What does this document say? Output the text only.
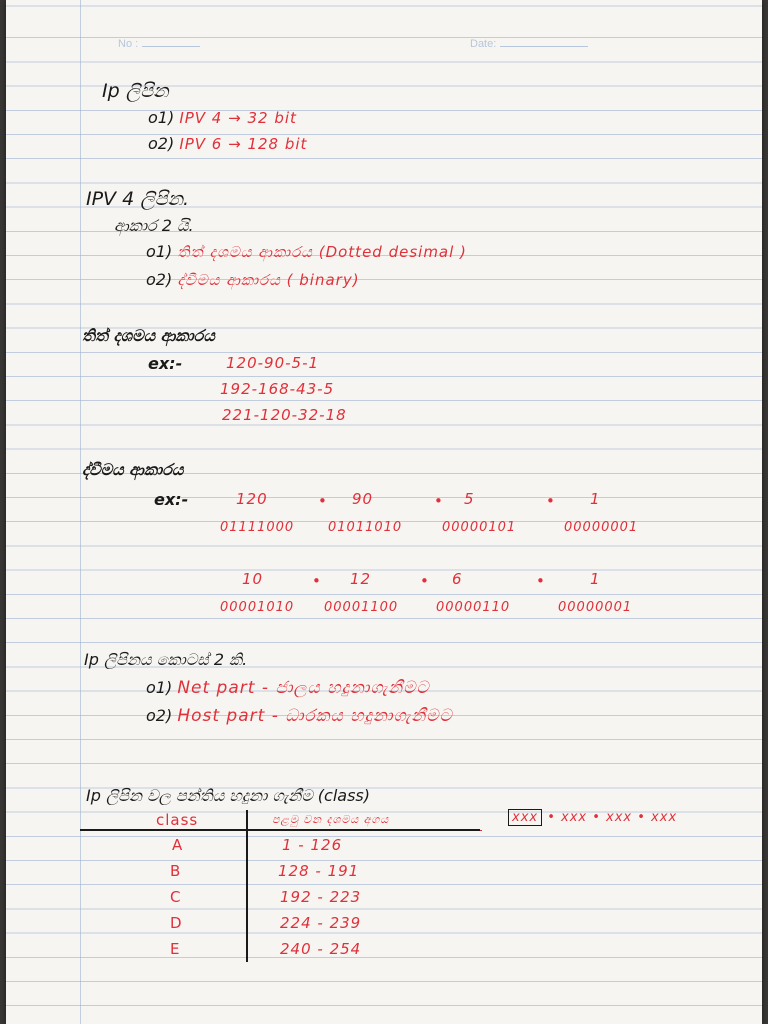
No :	Date:
Ip ලිපින
o1) IPV 4 → 32 bit
o2) IPV 6 → 128 bit
IPV 4 ලිපින.
ආකාර 2 යි.
o1) තිත් දශමය ආකාරය (Dotted desimal )
o2) ද්වීමය ආකාරය ( binary)
තිත් දශමය ආකාරය
ex:-	120-90-5-1
192-168-43-5
221-120-32-18
ද්වීමය ආකාරය
ex:-	120	• 90	• 5	• 1
01111000	01011010	00000101	00000001
10	• 12	• 6	•	1
00001010 00001100	00000110	00000001
Ip ලිපිනය කොටස් 2 කි.
o1) Net part - ජාලය හදුනාගැනීමට
o2) Host part - ධාරකය හදුනාගැනීමට
Ip ලිපින වල පන්තිය හදුනා ගැනීම (class)
class	පළමු වන දශමය අගය	xxx • xxx • xxx • xxx
A	1 - 126
B	128 - 191
C	192 - 223
D	224 - 239
E	240 - 254
